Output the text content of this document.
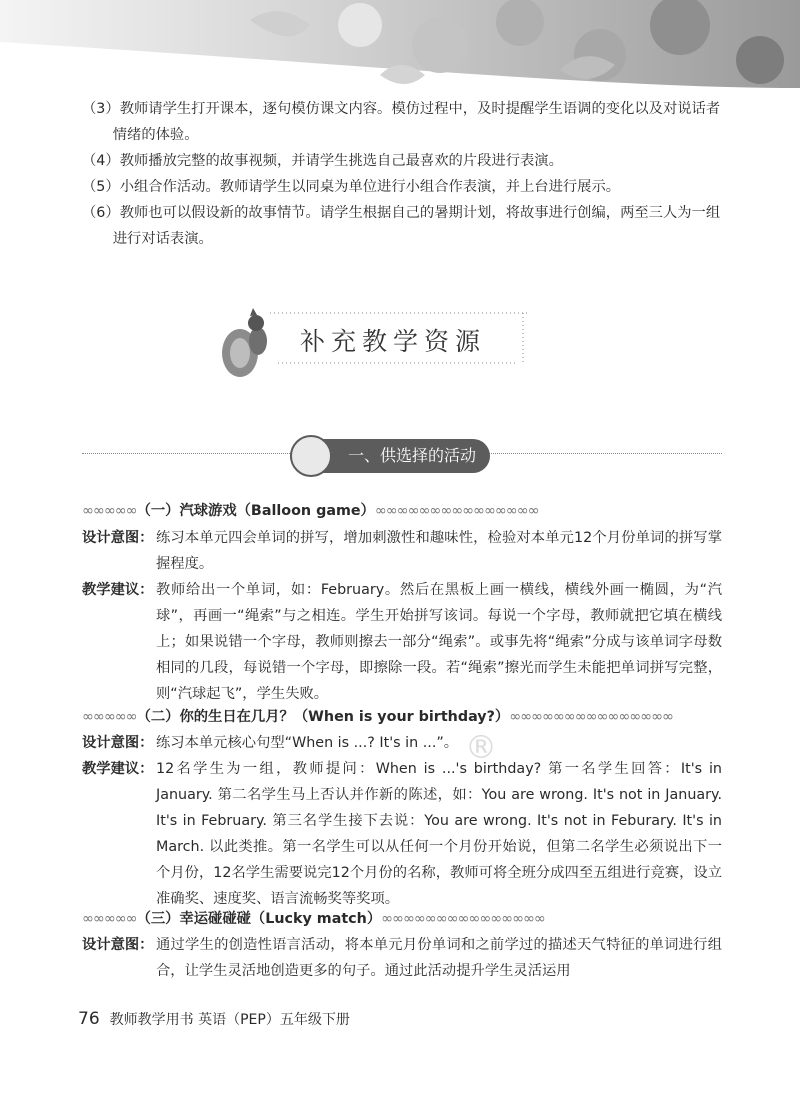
（3）教师请学生打开课本，逐句模仿课文内容。模仿过程中，及时提醒学生语调的变化以及对说话者情绪的体验。
（4）教师播放完整的故事视频，并请学生挑选自己最喜欢的片段进行表演。
（5）小组合作活动。教师请学生以同桌为单位进行小组合作表演，并上台进行展示。
（6）教师也可以假设新的故事情节。请学生根据自己的暑期计划，将故事进行创编，两至三人为一组进行对话表演。
补充教学资源
一、供选择的活动
∞∞∞∞∞（一）汽球游戏（Balloon game）∞∞∞∞∞∞∞∞∞∞∞∞∞∞∞
设计意图： 练习本单元四会单词的拼写，增加刺激性和趣味性，检验对本单元12个月份单词的拼写掌握程度。
教学建议： 教师给出一个单词，如：February。然后在黑板上画一横线，横线外画一椭圆，为“汽球”，再画一“绳索”与之相连。学生开始拼写该词。每说一个字母，教师就把它填在横线上；如果说错一个字母，教师则擦去一部分“绳索”。或事先将“绳索”分成与该单词字母数相同的几段，每说错一个字母，即擦除一段。若“绳索”擦光而学生未能把单词拼写完整，则“汽球起飞”，学生失败。
∞∞∞∞∞（二）你的生日在几月？（When is your birthday?）∞∞∞∞∞∞∞∞∞∞∞∞∞∞∞
设计意图： 练习本单元核心句型“When is ...? It's in ...”。
教学建议： 12名学生为一组，教师提问：When is ...'s birthday? 第一名学生回答：It's in January. 第二名学生马上否认并作新的陈述，如：You are wrong. It's not in January. It's in February. 第三名学生接下去说：You are wrong. It's not in Feburary. It's in March. 以此类推。第一名学生可以从任何一个月份开始说，但第二名学生必须说出下一个月份，12名学生需要说完12个月份的名称，教师可将全班分成四至五组进行竞赛，设立准确奖、速度奖、语言流畅奖等奖项。
∞∞∞∞∞（三）幸运碰碰碰（Lucky match）∞∞∞∞∞∞∞∞∞∞∞∞∞∞∞
设计意图： 通过学生的创造性语言活动，将本单元月份单词和之前学过的描述天气特征的单词进行组合，让学生灵活地创造更多的句子。通过此活动提升学生灵活运用
®
76 教师教学用书 英语（PEP）五年级下册
